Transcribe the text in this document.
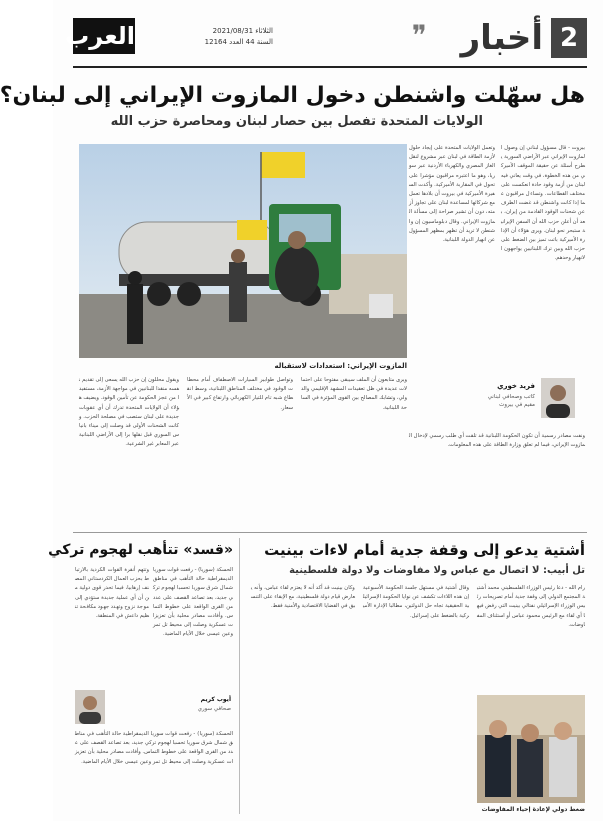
2
أخبار
❞
الثلاثاء 2021/08/31
السنة 44 العدد 12164
العرب
هل سهّلت واشنطن دخول المازوت الإيراني إلى لبنان؟
الولايات المتحدة تفصل بين حصار لبنان ومحاصرة حزب الله
المازوت الإيراني: استعدادات لاستقباله

بيروت - قال مسؤول لبناني إن وصول المازوت الإيراني عبر الأراضي السورية يطرح أسئلة عن حقيقة الموقف الأميركي من هذه الخطوة، في وقت يعاني فيه لبنان من أزمة وقود حادة انعكست على مختلف القطاعات. وتساءل مراقبون عما إذا كانت واشنطن قد غضت الطرف عن شحنات الوقود القادمة من إيران، بعد أن أعلن حزب الله أن السفن الإيرانية ستبحر نحو لبنان. ويرى هؤلاء أن الإدارة الأميركية باتت تميز بين الضغط على حزب الله وبين ترك اللبنانيين يواجهون الانهيار وحدهم.

وتعمل الولايات المتحدة على إيجاد حلول لأزمة الطاقة في لبنان عبر مشروع لنقل الغاز المصري والكهرباء الأردنية عبر سوريا، وهو ما اعتبره مراقبون مؤشرا على تحول في المقاربة الأميركية. وأكدت السفيرة الأميركية في بيروت أن بلادها تعمل مع شركائها لمساعدة لبنان على تجاوز أزمته، دون أن تشير صراحة إلى مسألة المازوت الإيراني. وقال دبلوماسيون إن واشنطن لا تريد أن تظهر بمظهر المسؤول عن انهيار الدولة اللبنانية.

فريد خوري
كاتب وصحافي لبناني
مقيم في بيروت

ويقول محللون إن حزب الله يسعى إلى تقديم نفسه منقذا للبنانيين في مواجهة الأزمة، مستفيدا من عجز الحكومة عن تأمين الوقود. ويضيف هؤلاء أن الولايات المتحدة تدرك أن أي عقوبات جديدة على لبنان ستصب في مصلحة الحزب. وكانت الشحنات الأولى قد وصلت إلى ميناء بانياس السوري قبل نقلها برا إلى الأراضي اللبنانية عبر المعابر غير الشرعية.

وتواصل طوابير السيارات الاصطفاف أمام محطات الوقود في مختلف المناطق اللبنانية، وسط انقطاع شبه تام للتيار الكهربائي وارتفاع كبير في الأسعار.

ويرى متابعون أن الملف سيبقى مفتوحا على احتمالات عديدة في ظل تعقيدات المشهد الإقليمي والدولي، وتشابك المصالح بين القوى المؤثرة في الساحة اللبنانية.

ونفت مصادر رسمية أن تكون الحكومة اللبنانية قد تلقت أي طلب رسمي لإدخال المازوت الإيراني، فيما لم تعلق وزارة الطاقة على هذه المعلومات.

أشتية يدعو إلى وقفة جدية أمام لاءات بينيت
تل أبيب: لا اتصال مع عباس ولا مفاوضات ولا دولة فلسطينية

رام الله - دعا رئيس الوزراء الفلسطيني محمد أشتية المجتمع الدولي إلى وقفة جدية أمام تصريحات رئيس الوزراء الإسرائيلي نفتالي بينيت التي رفض فيها أي لقاء مع الرئيس محمود عباس أو استئناف المفاوضات.

وقال أشتية في مستهل جلسة الحكومة الأسبوعية إن هذه اللاءات تكشف عن نوايا الحكومة الإسرائيلية الحقيقية تجاه حل الدولتين، مطالبا الإدارة الأميركية بالضغط على إسرائيل.

وكان بينيت قد أكد أنه لا يعتزم لقاء عباس، وأنه يعارض قيام دولة فلسطينية، مع الإبقاء على التنسيق في القضايا الاقتصادية والأمنية فقط.

ضغط دولي لإعادة إحياء المفاوضات
«قسد» تتأهب لهجوم تركي

الحسكة (سوريا) - رفعت قوات سوريا الديمقراطية حالة التأهب في مناطق شمال شرق سوريا تحسبا لهجوم تركي جديد، بعد تصاعد القصف على عدد من القرى الواقعة على خطوط التماس. وأفادت مصادر محلية بأن تعزيزات عسكرية وصلت إلى محيط تل تمر وعين عيسى خلال الأيام الماضية.

وتتهم أنقرة القوات الكردية بالارتباط بحزب العمال الكردستاني المصنف إرهابيا، فيما تحذر قوى دولية من أن أي عملية جديدة ستؤدي إلى موجة نزوح وتهدد جهود مكافحة تنظيم داعش في المنطقة.

أيوب كريم
صحافي سوري

الحسكة (سوريا) - رفعت قوات سوريا الديمقراطية حالة التأهب في مناطق شمال شرق سوريا تحسبا لهجوم تركي جديد، بعد تصاعد القصف على عدد من القرى الواقعة على خطوط التماس. وأفادت مصادر محلية بأن تعزيزات عسكرية وصلت إلى محيط تل تمر وعين عيسى خلال الأيام الماضية.
